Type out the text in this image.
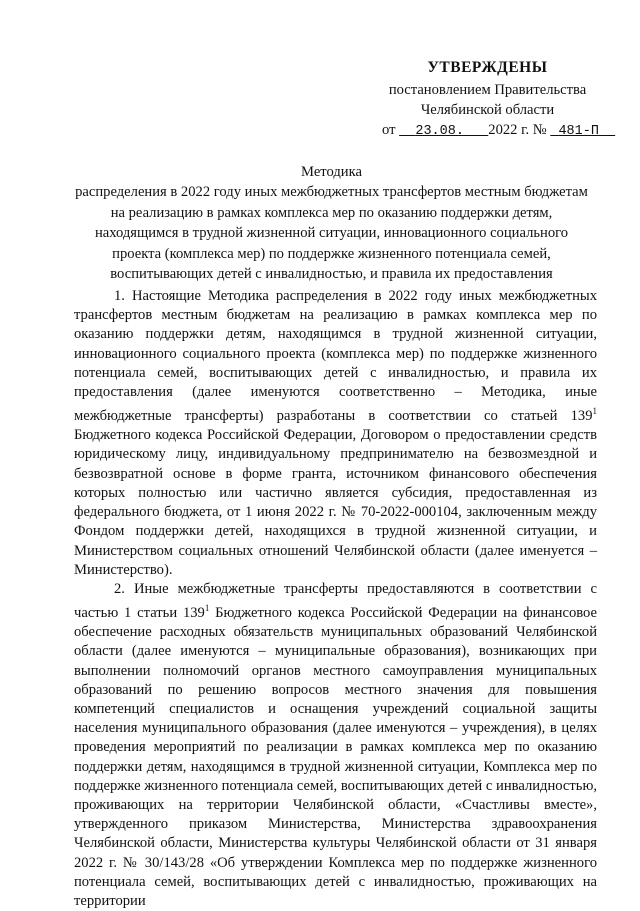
УТВЕРЖДЕНЫ
постановлением Правительства
Челябинской области
от 23.08. 2022 г. № 481-П
Методика
распределения в 2022 году иных межбюджетных трансфертов местным бюджетам на реализацию в рамках комплекса мер по оказанию поддержки детям, находящимся в трудной жизненной ситуации, инновационного социального проекта (комплекса мер) по поддержке жизненного потенциала семей, воспитывающих детей с инвалидностью, и правила их предоставления

1. Настоящие Методика распределения в 2022 году иных межбюджетных трансфертов местным бюджетам на реализацию в рамках комплекса мер по оказанию поддержки детям, находящимся в трудной жизненной ситуации, инновационного социального проекта (комплекса мер) по поддержке жизненного потенциала семей, воспитывающих детей с инвалидностью, и правила их предоставления (далее именуются соответственно – Методика, иные межбюджетные трансферты) разработаны в соответствии со статьей $139^1$ Бюджетного кодекса Российской Федерации, Договором о предоставлении средств юридическому лицу, индивидуальному предпринимателю на безвозмездной и безвозвратной основе в форме гранта, источником финансового обеспечения которых полностью или частично является субсидия, предоставленная из федерального бюджета, от 1 июня 2022 г. № 70-2022-000104, заключенным между Фондом поддержки детей, находящихся в трудной жизненной ситуации, и Министерством социальных отношений Челябинской области (далее именуется – Министерство).

2. Иные межбюджетные трансферты предоставляются в соответствии с частью 1 статьи $139^1$ Бюджетного кодекса Российской Федерации на финансовое обеспечение расходных обязательств муниципальных образований Челябинской области (далее именуются – муниципальные образования), возникающих при выполнении полномочий органов местного самоуправления муниципальных образований по решению вопросов местного значения для повышения компетенций специалистов и оснащения учреждений социальной защиты населения муниципального образования (далее именуются – учреждения), в целях проведения мероприятий по реализации в рамках комплекса мер по оказанию поддержки детям, находящимся в трудной жизненной ситуации, Комплекса мер по поддержке жизненного потенциала семей, воспитывающих детей с инвалидностью, проживающих на территории Челябинской области, «Счастливы вместе», утвержденного приказом Министерства, Министерства здравоохранения Челябинской области, Министерства культуры Челябинской области от 31 января 2022 г. № 30/143/28 «Об утверждении Комплекса мер по поддержке жизненного потенциала семей, воспитывающих детей с инвалидностью, проживающих на территории
